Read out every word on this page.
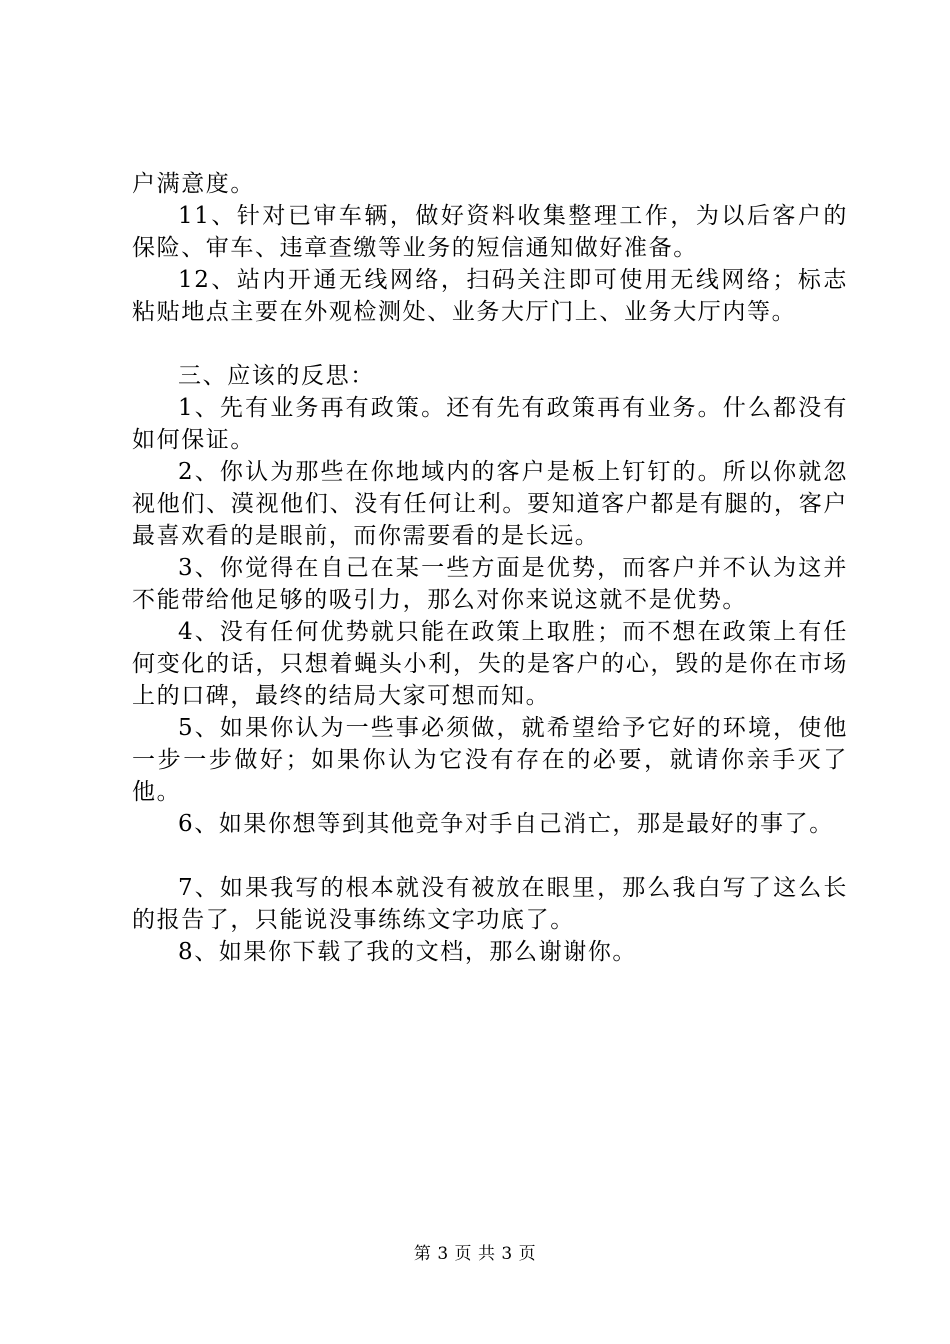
户满意度。

11、针对已审车辆，做好资料收集整理工作，为以后客户的保险、审车、违章查缴等业务的短信通知做好准备。

12、站内开通无线网络，扫码关注即可使用无线网络；标志粘贴地点主要在外观检测处、业务大厅门上、业务大厅内等。

三、应该的反思：

1、先有业务再有政策。还有先有政策再有业务。什么都没有如何保证。

2、你认为那些在你地域内的客户是板上钉钉的。所以你就忽视他们、漠视他们、没有任何让利。要知道客户都是有腿的，客户最喜欢看的是眼前，而你需要看的是长远。

3、你觉得在自己在某一些方面是优势，而客户并不认为这并不能带给他足够的吸引力，那么对你来说这就不是优势。

4、没有任何优势就只能在政策上取胜；而不想在政策上有任何变化的话，只想着蝇头小利，失的是客户的心，毁的是你在市场上的口碑，最终的结局大家可想而知。

5、如果你认为一些事必须做，就希望给予它好的环境，使他一步一步做好；如果你认为它没有存在的必要，就请你亲手灭了他。

6、如果你想等到其他竞争对手自己消亡，那是最好的事了。

7、如果我写的根本就没有被放在眼里，那么我白写了这么长的报告了，只能说没事练练文字功底了。

8、如果你下载了我的文档，那么谢谢你。

第 3 页 共 3 页
